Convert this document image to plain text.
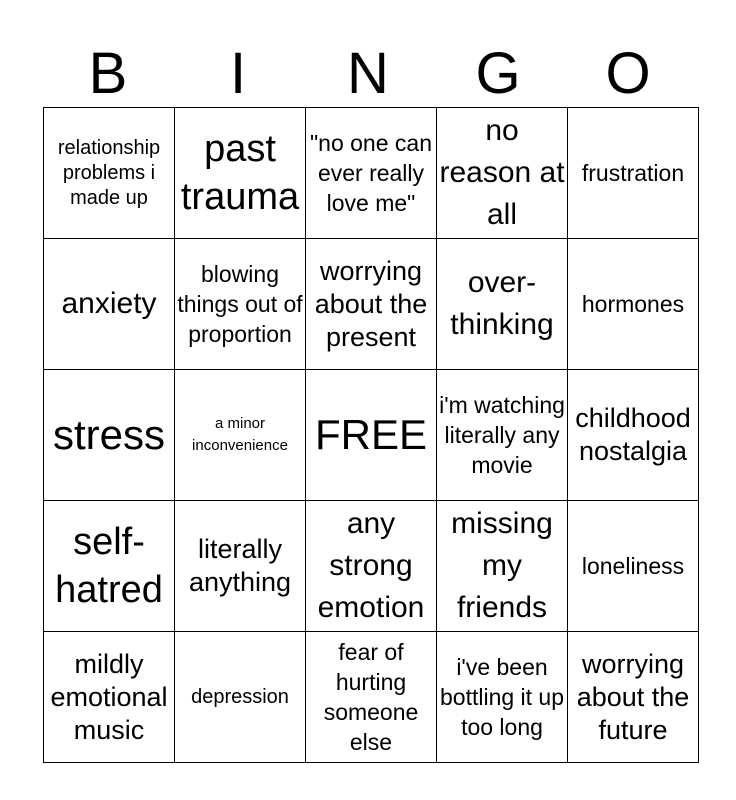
B	I	N	G	O
relationship problems i made up	past trauma	"no one can ever really love me"	no reason at all	frustration
anxiety	blowing things out of proportion	worrying about the present	over-thinking	hormones
stress	a minor inconvenience	FREE	i'm watching literally any movie	childhood nostalgia
self-hatred	literally anything	any strong emotion	missing my friends	loneliness
mildly emotional music	depression	fear of hurting someone else	i've been bottling it up too long	worrying about the future
